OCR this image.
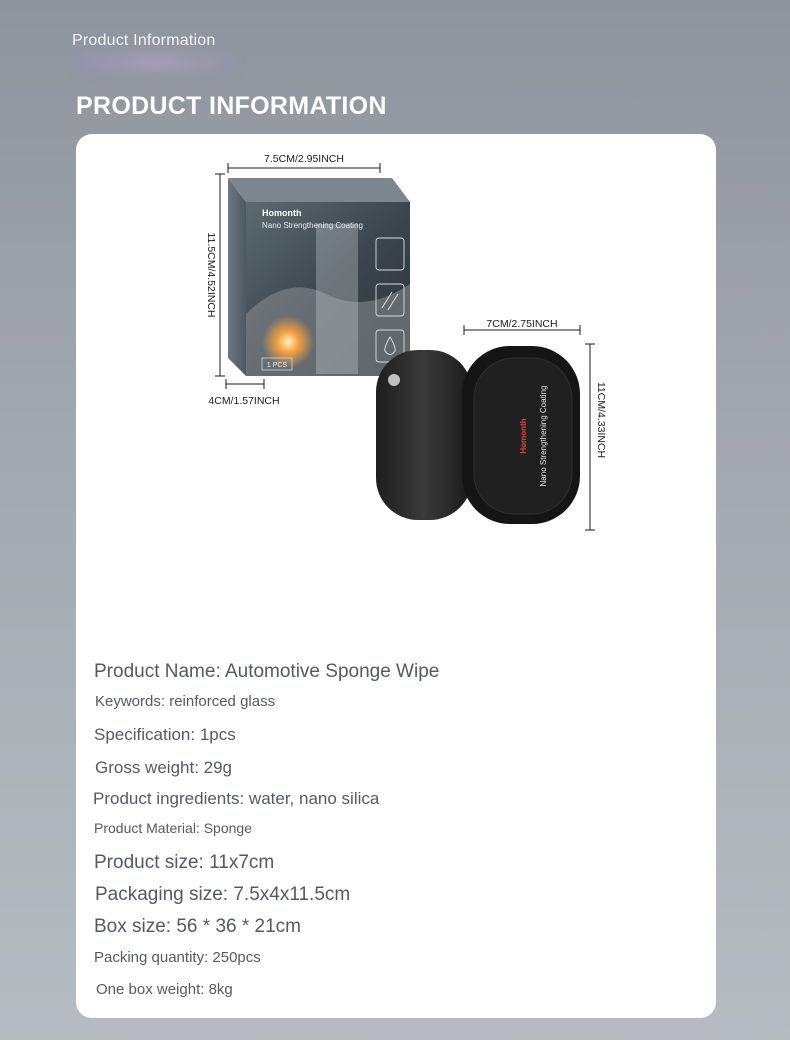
Product Information
PRODUCT INFORMATION
7.5CM/2.95INCH
11.5CM/4.52INCH
4CM/1.57INCH
Homonth
Nano Strengthening Coating
1 PCS
7CM/2.75INCH
11CM/4.33INCH
Nano Strengthening Coating
Homonth
Product Name: Automotive Sponge Wipe
Keywords: reinforced glass
Specification: 1pcs
Gross weight: 29g
Product ingredients: water, nano silica
Product Material: Sponge
Product size: 11x7cm
Packaging size: 7.5x4x11.5cm
Box size: 56 * 36 * 21cm
Packing quantity: 250pcs
One box weight: 8kg
